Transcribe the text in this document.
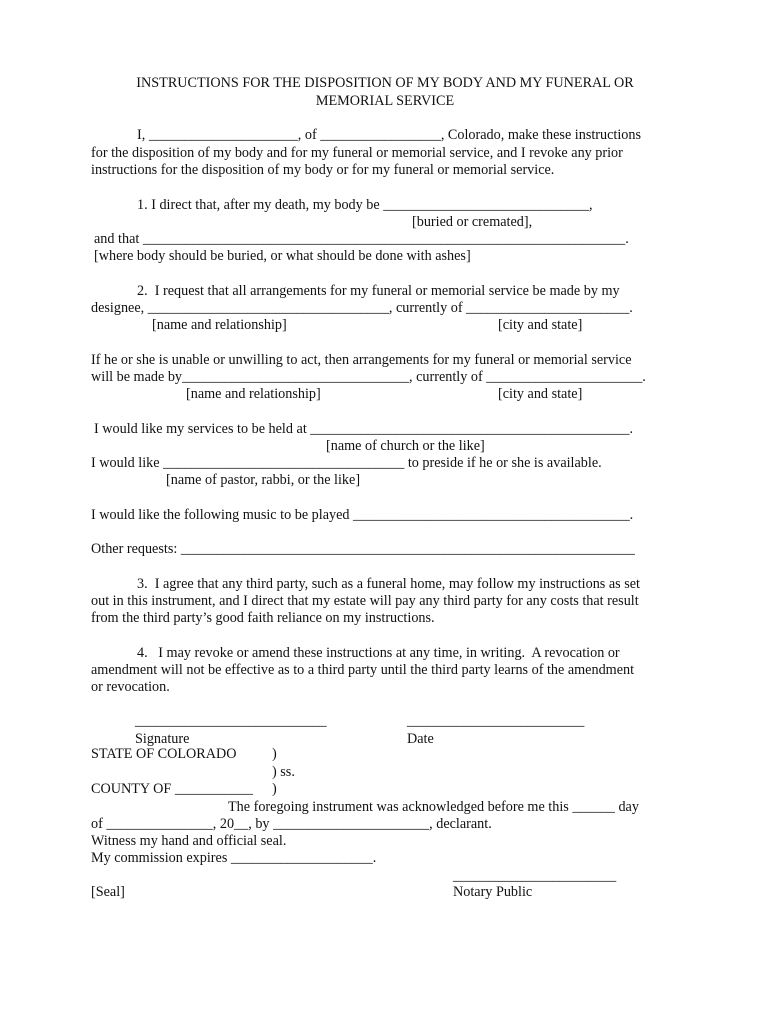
INSTRUCTIONS FOR THE DISPOSITION OF MY BODY AND MY FUNERAL OR
MEMORIAL SERVICE
I, _____________________, of _________________, Colorado, make these instructions
for the disposition of my body and for my funeral or memorial service, and I revoke any prior
instructions for the disposition of my body or for my funeral or memorial service.
1. I direct that, after my death, my body be _____________________________,
[buried or cremated],
and that ____________________________________________________________________.
[where body should be buried, or what should be done with ashes]
2.  I request that all arrangements for my funeral or memorial service be made by my
designee, __________________________________, currently of _______________________.
[name and relationship]	[city and state]
If he or she is unable or unwilling to act, then arrangements for my funeral or memorial service
will be made by________________________________, currently of ______________________.
[name and relationship]	[city and state]
I would like my services to be held at _____________________________________________.
[name of church or the like]
I would like __________________________________ to preside if he or she is available.
[name of pastor, rabbi, or the like]
I would like the following music to be played _______________________________________.
Other requests: ________________________________________________________________
3.  I agree that any third party, such as a funeral home, may follow my instructions as set
out in this instrument, and I direct that my estate will pay any third party for any costs that result
from the third party’s good faith reliance on my instructions.
4.   I may revoke or amend these instructions at any time, in writing.  A revocation or
amendment will not be effective as to a third party until the third party learns of the amendment
or revocation.
___________________________	_________________________
Signature	Date
STATE OF COLORADO	)
) ss.
COUNTY OF ___________ )
The foregoing instrument was acknowledged before me this ______ day
of _______________, 20__, by ______________________, declarant.
Witness my hand and official seal.
My commission expires ____________________.
_______________________
[Seal]	Notary Public
